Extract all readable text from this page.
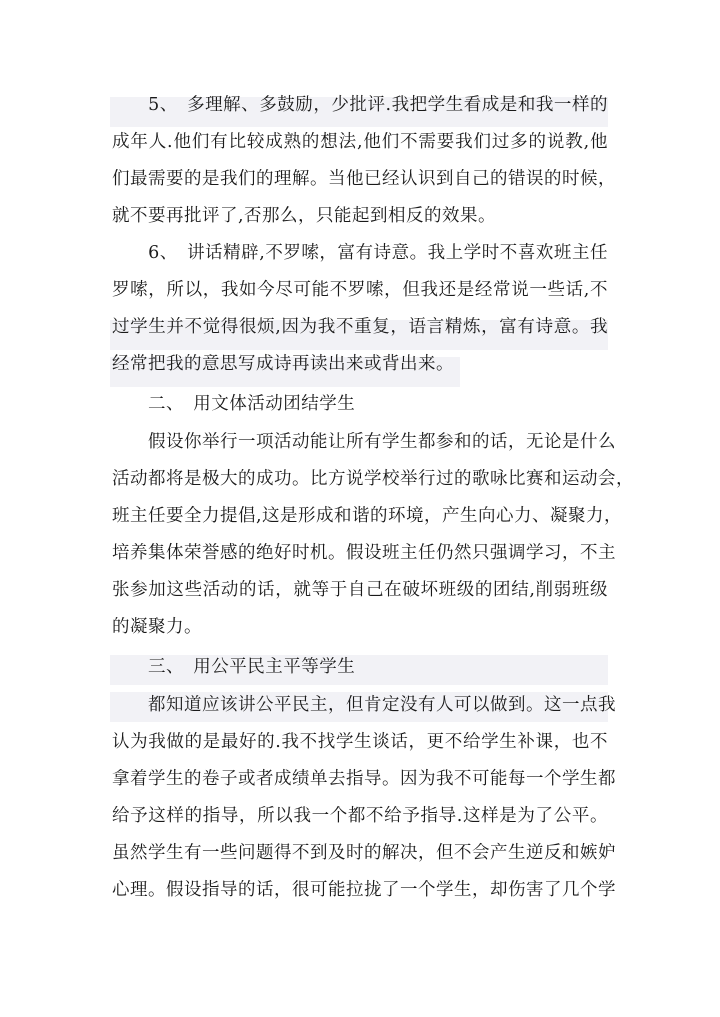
　　5、　多理解、多鼓励，少批评.我把学生看成是和我一样的
成年人.他们有比较成熟的想法,他们不需要我们过多的说教,他
们最需要的是我们的理解。当他已经认识到自己的错误的时候，
就不要再批评了,否那么，只能起到相反的效果。
　　6、　讲话精辟,不罗嗦，富有诗意。我上学时不喜欢班主任
罗嗦，所以，我如今尽可能不罗嗦，但我还是经常说一些话,不
过学生并不觉得很烦,因为我不重复，语言精炼，富有诗意。我
经常把我的意思写成诗再读出来或背出来。
　　二、　用文体活动团结学生
　　假设你举行一项活动能让所有学生都参和的话，无论是什么
活动都将是极大的成功。比方说学校举行过的歌咏比赛和运动会，
班主任要全力提倡,这是形成和谐的环境，产生向心力、凝聚力，
培养集体荣誉感的绝好时机。假设班主任仍然只强调学习，不主
张参加这些活动的话，就等于自己在破坏班级的团结,削弱班级
的凝聚力。
　　三、　用公平民主平等学生
　　都知道应该讲公平民主，但肯定没有人可以做到。这一点我
认为我做的是最好的.我不找学生谈话，更不给学生补课，也不
拿着学生的卷子或者成绩单去指导。因为我不可能每一个学生都
给予这样的指导，所以我一个都不给予指导.这样是为了公平。
虽然学生有一些问题得不到及时的解决，但不会产生逆反和嫉妒
心理。假设指导的话，很可能拉拢了一个学生，却伤害了几个学
